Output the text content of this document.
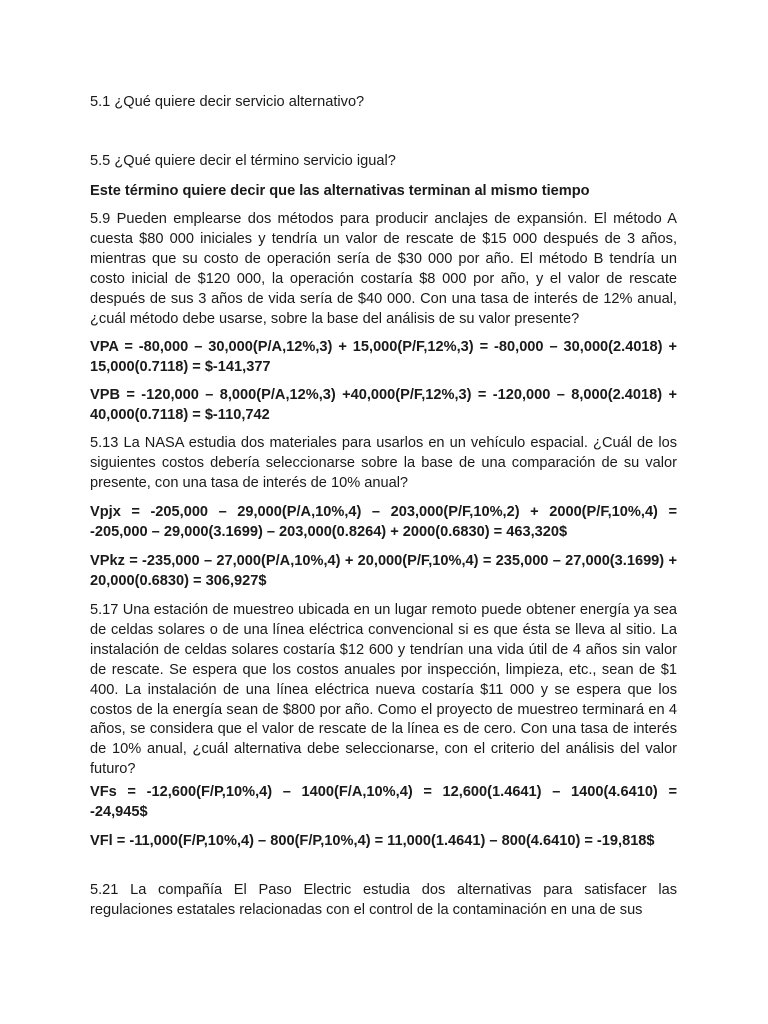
5.1 ¿Qué quiere decir servicio alternativo?

5.5 ¿Qué quiere decir el término servicio igual?

Este término quiere decir que las alternativas terminan al mismo tiempo

5.9 Pueden emplearse dos métodos para producir anclajes de expansión. El método A cuesta $80 000 iniciales y tendría un valor de rescate de $15 000 después de 3 años, mientras que su costo de operación sería de $30 000 por año. El método B tendría un costo inicial de $120 000, la operación costaría $8 000 por año, y el valor de rescate después de sus 3 años de vida sería de $40 000. Con una tasa de interés de 12% anual, ¿cuál método debe usarse, sobre la base del análisis de su valor presente?

VPA = -80,000 – 30,000(P/A,12%,3) + 15,000(P/F,12%,3) = -80,000 – 30,000(2.4018) + 15,000(0.7118) = $-141,377

VPB = -120,000 – 8,000(P/A,12%,3) +40,000(P/F,12%,3) = -120,000 – 8,000(2.4018) + 40,000(0.7118) = $-110,742

5.13 La NASA estudia dos materiales para usarlos en un vehículo espacial. ¿Cuál de los siguientes costos debería seleccionarse sobre la base de una comparación de su valor presente, con una tasa de interés de 10% anual?

Vpjx = -205,000 – 29,000(P/A,10%,4) – 203,000(P/F,10%,2) + 2000(P/F,10%,4) = -205,000 – 29,000(3.1699) – 203,000(0.8264) + 2000(0.6830) = 463,320$

VPkz = -235,000 – 27,000(P/A,10%,4) + 20,000(P/F,10%,4) = 235,000 – 27,000(3.1699) + 20,000(0.6830) = 306,927$

5.17 Una estación de muestreo ubicada en un lugar remoto puede obtener energía ya sea de celdas solares o de una línea eléctrica convencional si es que ésta se lleva al sitio. La instalación de celdas solares costaría $12 600 y tendrían una vida útil de 4 años sin valor de rescate. Se espera que los costos anuales por inspección, limpieza, etc., sean de $1 400. La instalación de una línea eléctrica nueva costaría $11 000 y se espera que los costos de la energía sean de $800 por año. Como el proyecto de muestreo terminará en 4 años, se considera que el valor de rescate de la línea es de cero. Con una tasa de interés de 10% anual, ¿cuál alternativa debe seleccionarse, con el criterio del análisis del valor futuro?

VFs = -12,600(F/P,10%,4) – 1400(F/A,10%,4) = 12,600(1.4641) – 1400(4.6410) = -24,945$

VFl = -11,000(F/P,10%,4) – 800(F/P,10%,4) = 11,000(1.4641) – 800(4.6410) = -19,818$

5.21 La compañía El Paso Electric estudia dos alternativas para satisfacer las regulaciones estatales relacionadas con el control de la contaminación en una de sus
